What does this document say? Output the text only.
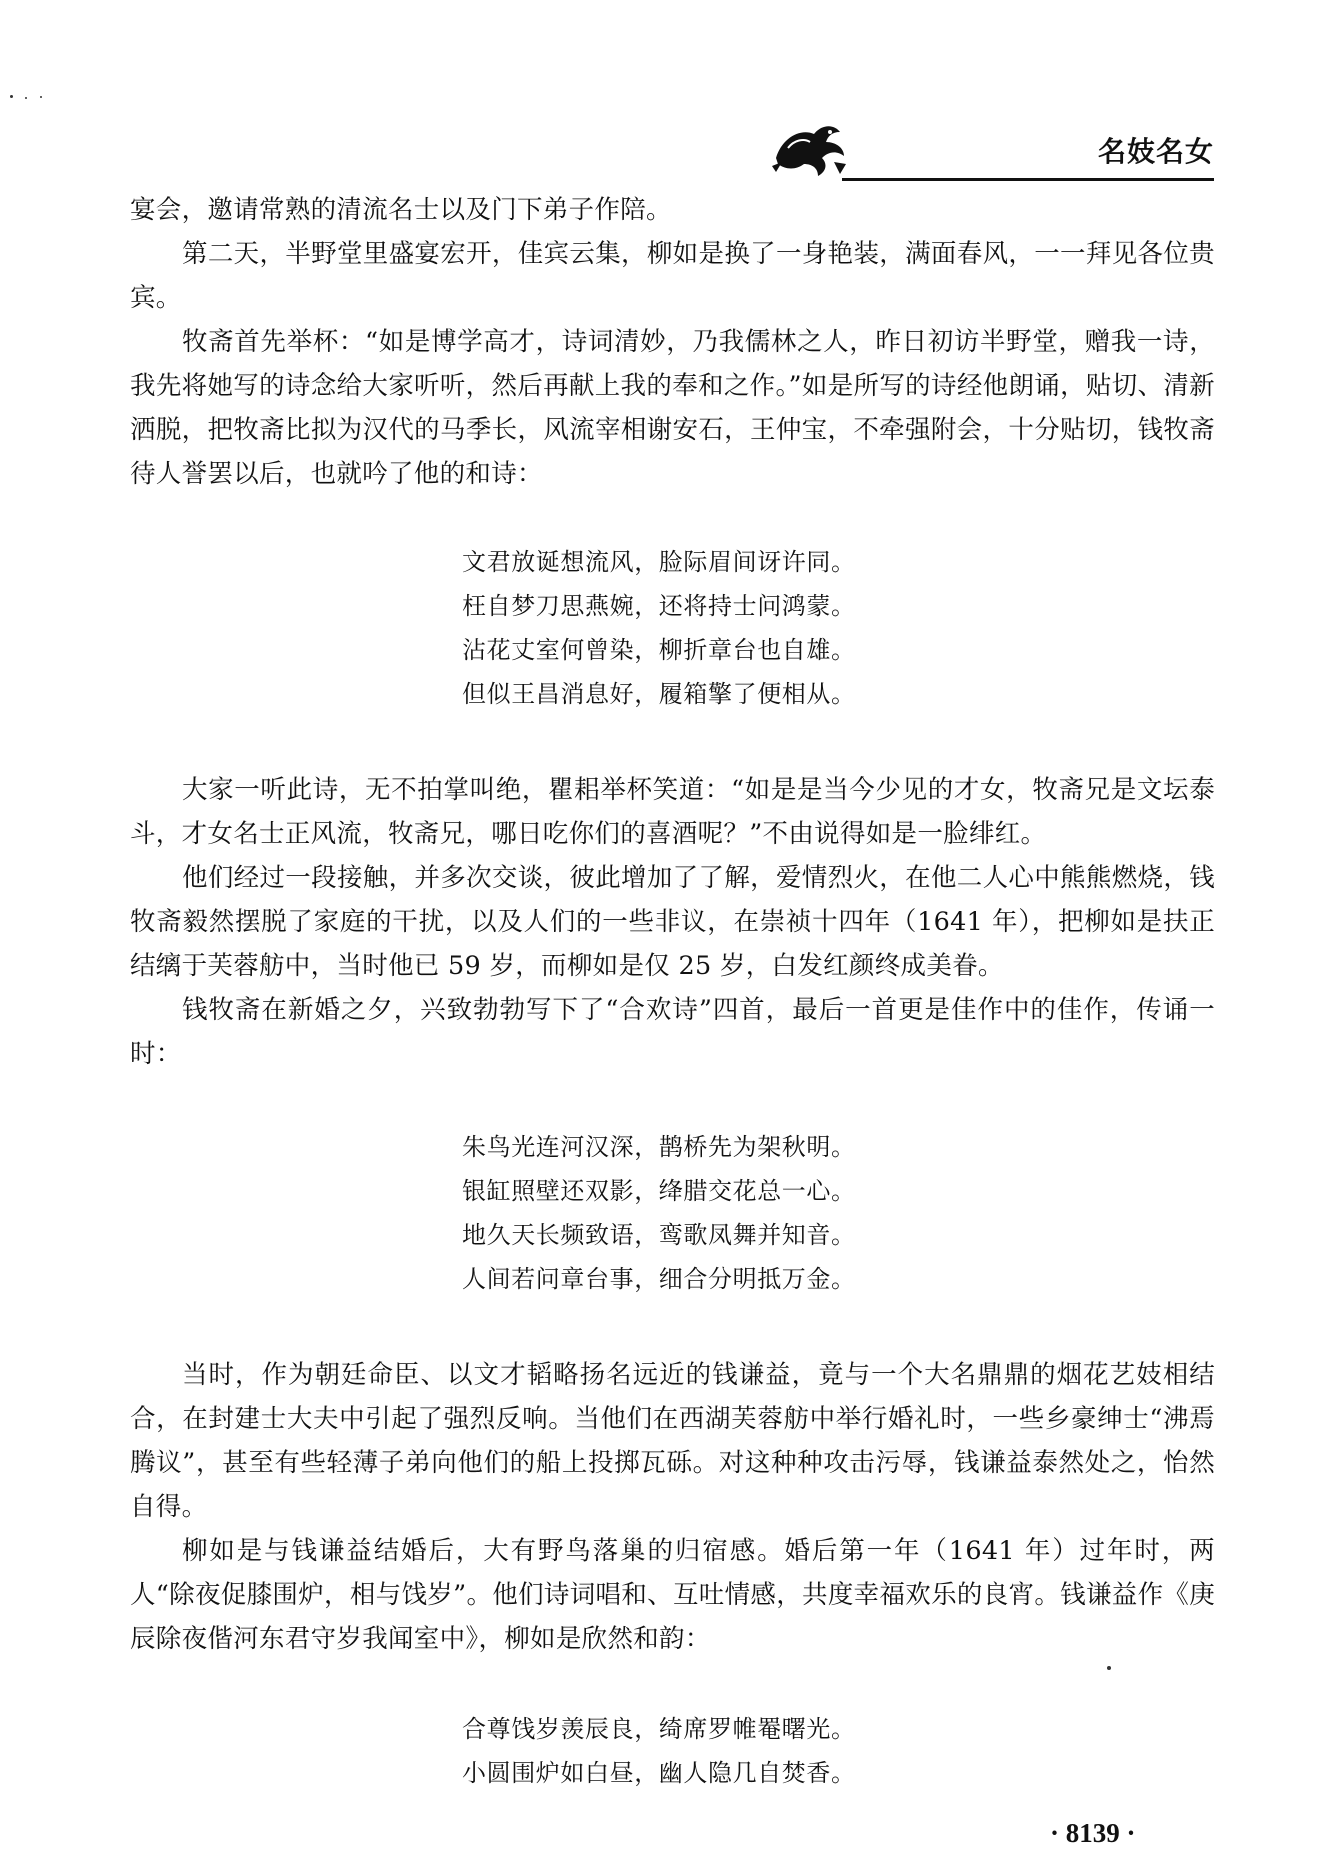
名妓名女

宴会，邀请常熟的清流名士以及门下弟子作陪。

第二天，半野堂里盛宴宏开，佳宾云集，柳如是换了一身艳装，满面春风，一一拜见各位贵宾。

牧斋首先举杯：“如是博学高才，诗词清妙，乃我儒林之人，昨日初访半野堂，赠我一诗，我先将她写的诗念给大家听听，然后再献上我的奉和之作。”如是所写的诗经他朗诵，贴切、清新洒脱，把牧斋比拟为汉代的马季长，风流宰相谢安石，王仲宝，不牵强附会，十分贴切，钱牧斋待人誉罢以后，也就吟了他的和诗：

文君放诞想流风，脸际眉间讶许同。
枉自梦刀思燕婉，还将持士问鸿蒙。
沾花丈室何曾染，柳折章台也自雄。
但似王昌消息好，履箱擎了便相从。

大家一听此诗，无不拍掌叫绝，瞿耜举杯笑道：“如是是当今少见的才女，牧斋兄是文坛泰斗，才女名士正风流，牧斋兄，哪日吃你们的喜酒呢？”不由说得如是一脸绯红。

他们经过一段接触，并多次交谈，彼此增加了了解，爱情烈火，在他二人心中熊熊燃烧，钱牧斋毅然摆脱了家庭的干扰，以及人们的一些非议，在崇祯十四年（1641 年），把柳如是扶正结缡于芙蓉舫中，当时他已 59 岁，而柳如是仅 25 岁，白发红颜终成美眷。

钱牧斋在新婚之夕，兴致勃勃写下了“合欢诗”四首，最后一首更是佳作中的佳作，传诵一时：

朱鸟光连河汉深，鹊桥先为架秋明。
银缸照壁还双影，绛腊交花总一心。
地久天长频致语，鸾歌凤舞并知音。
人间若问章台事，细合分明抵万金。

当时，作为朝廷命臣、以文才韬略扬名远近的钱谦益，竟与一个大名鼎鼎的烟花艺妓相结合，在封建士大夫中引起了强烈反响。当他们在西湖芙蓉舫中举行婚礼时，一些乡豪绅士“沸焉腾议”，甚至有些轻薄子弟向他们的船上投掷瓦砾。对这种种攻击污辱，钱谦益泰然处之，怡然自得。

柳如是与钱谦益结婚后，大有野鸟落巢的归宿感。婚后第一年（1641 年）过年时，两人“除夜促膝围炉，相与饯岁”。他们诗词唱和、互吐情感，共度幸福欢乐的良宵。钱谦益作《庚辰除夜偕河东君守岁我闻室中》，柳如是欣然和韵：

合尊饯岁羡辰良，绮席罗帷罨曙光。
小圆围炉如白昼，幽人隐几自焚香。
· 8139 ·
